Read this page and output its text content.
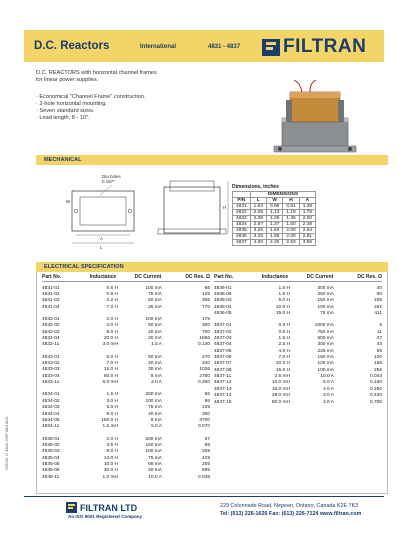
D.C. Reactors	International	4831 - 4837 FILTRAN
D.C. REACTORS with horizontal channel frames
for linear power supplies.
· Economical "Channel Frame" construction.
· 2-hole horizontal mounting.
· Seven standard sizes.
· Lead length, 8 - 10".
MECHANICAL
Dia holes
0.187"
W
A
L
H
Dimensions, inches
	DIMENSIONS			
P/N	L	W	H	A
4831	1.63	0.99	0.81	1.38
4832	2.06	1.13	1.19	1.75
4833	2.38	1.25	1.36	2.00
4834	2.67	1.37	1.50	2.38
4835	3.25	1.63	2.00	2.64
4836	3.25	1.88	2.00	2.81
4837	4.00	2.25	2.63	3.56
ELECTRICAL SPECIFICATION
Part No.	Inductance	DC Current	DC Res. Ω
4831-01	0.6 H	100 mA	86
4831-02	0.9 H	75 mA	125
4831-03	2.2 H	50 mA	305
4831-04	7.0 H	25 mA	770
4832-01	2.0 H	100 mA	175
4832-02	4.0 H	50 mA	300
4832-03	9.0 H	40 mA	700
4832-04	20.0 H	20 mA	1666
4832-11	3.0 mH	1.5 A	0.140
4833-01	5.0 H	50 mA	270
4833-02	7.0 H	40 mA	340
4833-03	15.0 H	30 mA	1026
4833-04	60.0 H	8 mA	2750
4833-11	6.0 mH	2.0 A	0.300
4834-01	1.5 H	200 mA	56
4834-02	3.0 H	100 mA	86
4834-03	5.0 H	75 mA	135
4834-04	9.0 H	40 mA	300
4834-05	150.0 H	8 mA	3700
4834-11	1.5 mH	5.0 A	0.070
4835-01	2.0 H	200 mA	57
4835-02	3.5 H	150 mA	98
4835-03	8.0 H	100 mA	259
4835-04	14.0 H	75 mA	429
4835-05	10.0 H	65 mA	205
4835-06	30.0 H	40 mA	595
4835-11	1.0 mH	10.0 A	0.038
Part No.	Inductance	DC Current	DC Res. Ω
4836-01	1.0 H	300 mA	40
4836-06	1.5 H	250 mA	60
4836-03	5.0 H	150 mA	105
4836-04	10.0 H	100 mA	262
4836-05	15.0 H	75 mA	411
4837-01	0.3 H	1000 mA	6
4837-02	0.6 H	750 mA	11
4837-03	1.5 H	500 mA	27
4837-04	2.5 H	300 mA	43
4837-05	4.0 H	225 mA	65
4837-06	7.0 H	150 mA	100
4837-07	10.0 H	125 mA	155
4837-08	15.0 H	100 mA	256
4837-11	2.5 mH	10.0 A	0.044
4837-12	10.0 mH	5.0 A	0.160
4837-13	15.0 mH	4.0 A	0.250
4837-14	28.0 mH	3.0 A	0.430
4837-15	60.0 mH	2.0 A	0.700
ISSUE: C 4831-CHP 08/10/12
FILTRAN LTD
An ISO 9001 Registered Company
229 Colonnade Road, Nepean, Ontario, Canada K2E 7K3
Tel: (613) 226-1626 Fax: (613) 226-7124 www.filtran.com
